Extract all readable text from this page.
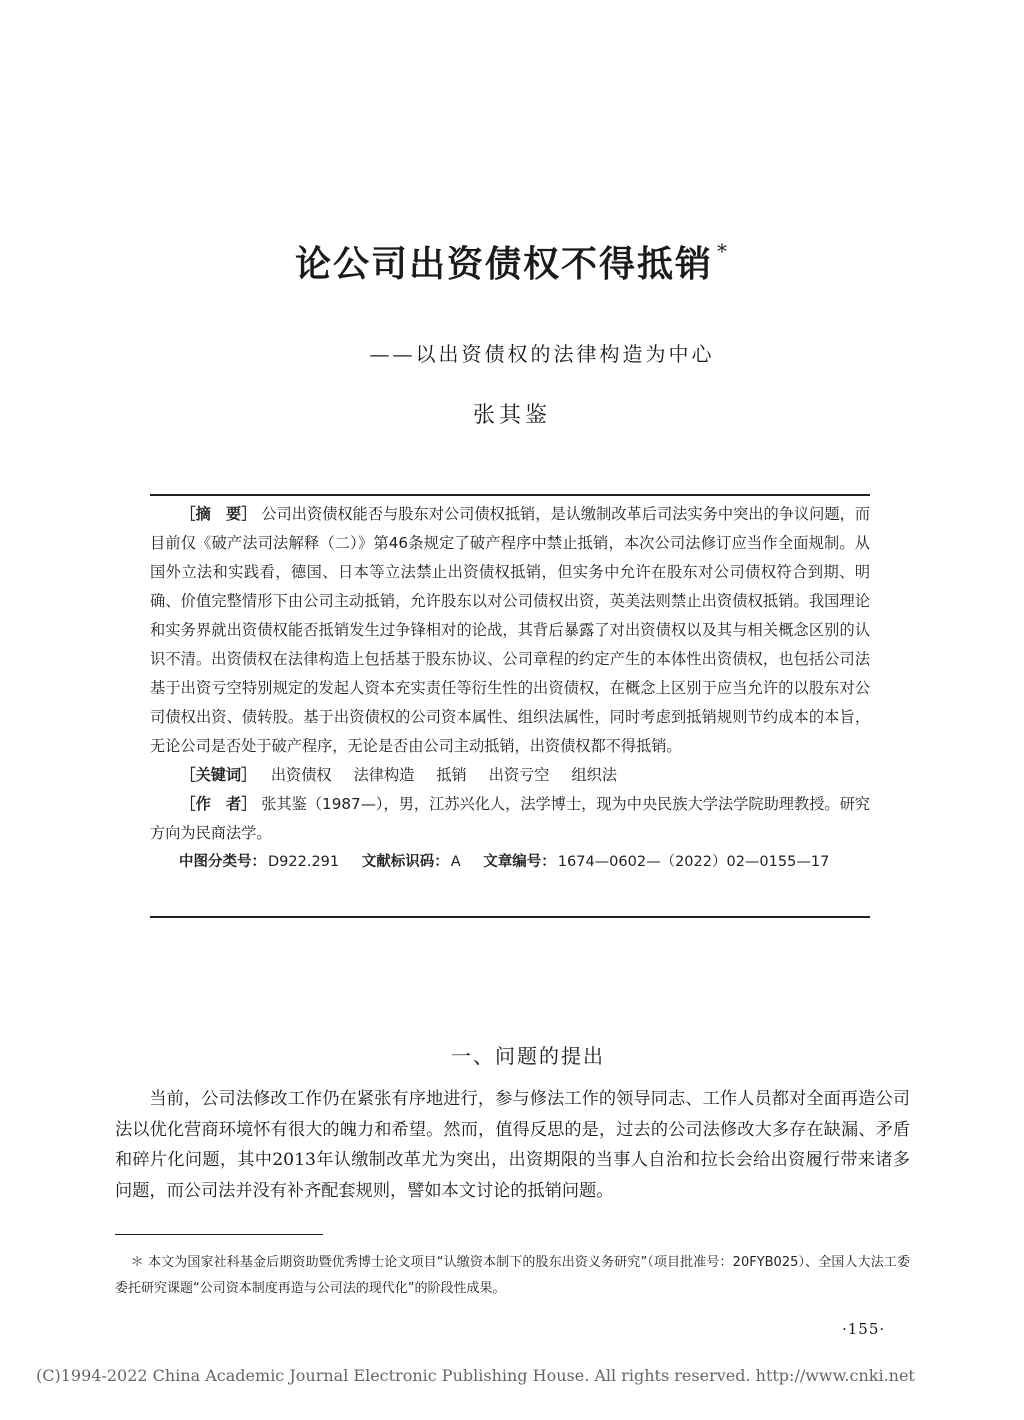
论公司出资债权不得抵销 *
——以出资债权的法律构造为中心
张其鉴

［摘　要］ 公司出资债权能否与股东对公司债权抵销，是认缴制改革后司法实务中突出的争议问题，而目前仅《破产法司法解释（二）》第46条规定了破产程序中禁止抵销，本次公司法修订应当作全面规制。从国外立法和实践看，德国、日本等立法禁止出资债权抵销，但实务中允许在股东对公司债权符合到期、明确、价值完整情形下由公司主动抵销，允许股东以对公司债权出资，英美法则禁止出资债权抵销。我国理论和实务界就出资债权能否抵销发生过争锋相对的论战，其背后暴露了对出资债权以及其与相关概念区别的认识不清。出资债权在法律构造上包括基于股东协议、公司章程的约定产生的本体性出资债权，也包括公司法基于出资亏空特别规定的发起人资本充实责任等衍生性的出资债权，在概念上区别于应当允许的以股东对公司债权出资、债转股。基于出资债权的公司资本属性、组织法属性，同时考虑到抵销规则节约成本的本旨，无论公司是否处于破产程序，无论是否由公司主动抵销，出资债权都不得抵销。

［关键词］ 出资债权 法律构造 抵销 出资亏空 组织法

［作　者］ 张其鉴（1987—），男，江苏兴化人，法学博士，现为中央民族大学法学院助理教授。研究方向为民商法学。

中图分类号： D922.291 文献标识码： A 文章编号： 1674—0602—（2022）02—0155—17

一、问题的提出

当前，公司法修改工作仍在紧张有序地进行，参与修法工作的领导同志、工作人员都对全面再造公司法以优化营商环境怀有很大的魄力和希望。然而，值得反思的是，过去的公司法修改大多存在缺漏、矛盾和碎片化问题，其中2013年认缴制改革尤为突出，出资期限的当事人自治和拉长会给出资履行带来诸多问题，而公司法并没有补齐配套规则，譬如本文讨论的抵销问题。

＊ 本文为国家社科基金后期资助暨优秀博士论文项目“认缴资本制下的股东出资义务研究”（项目批准号：20FYB025）、全国人大法工委委托研究课题“公司资本制度再造与公司法的现代化”的阶段性成果。
·155·
(C)1994-2022 China Academic Journal Electronic Publishing House. All rights reserved. http://www.cnki.net
